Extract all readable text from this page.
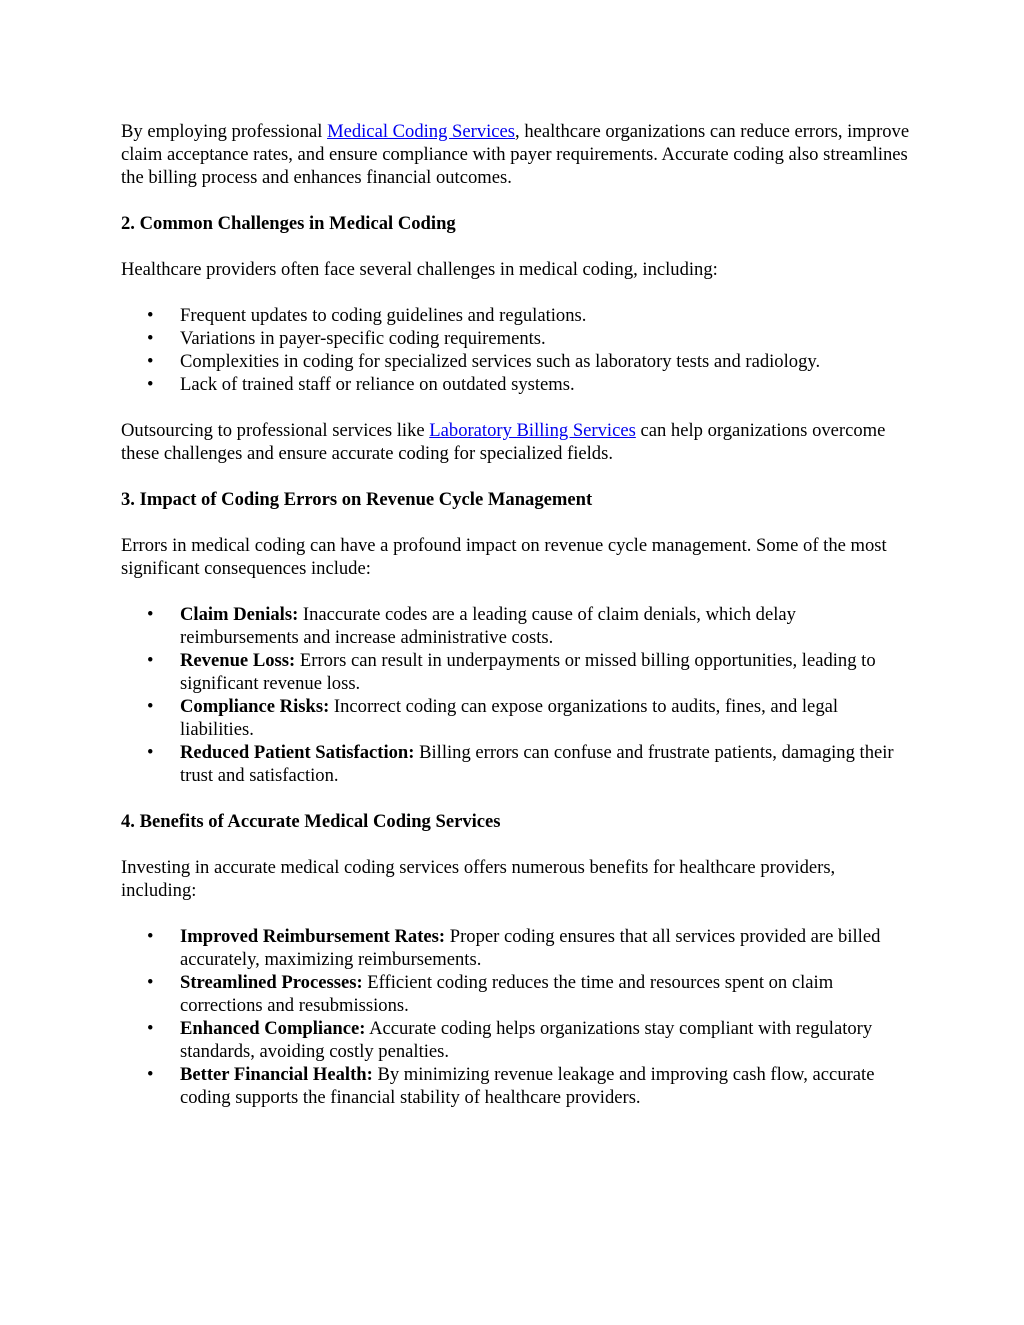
By employing professional Medical Coding Services, healthcare organizations can reduce errors, improve claim acceptance rates, and ensure compliance with payer requirements. Accurate coding also streamlines the billing process and enhances financial outcomes.

2. Common Challenges in Medical Coding

Healthcare providers often face several challenges in medical coding, including:

• Frequent updates to coding guidelines and regulations.
• Variations in payer-specific coding requirements.
• Complexities in coding for specialized services such as laboratory tests and radiology.
• Lack of trained staff or reliance on outdated systems.

Outsourcing to professional services like Laboratory Billing Services can help organizations overcome these challenges and ensure accurate coding for specialized fields.

3. Impact of Coding Errors on Revenue Cycle Management

Errors in medical coding can have a profound impact on revenue cycle management. Some of the most significant consequences include:

• Claim Denials: Inaccurate codes are a leading cause of claim denials, which delay reimbursements and increase administrative costs.
• Revenue Loss: Errors can result in underpayments or missed billing opportunities, leading to significant revenue loss.
• Compliance Risks: Incorrect coding can expose organizations to audits, fines, and legal liabilities.
• Reduced Patient Satisfaction: Billing errors can confuse and frustrate patients, damaging their trust and satisfaction.
4. Benefits of Accurate Medical Coding Services

Investing in accurate medical coding services offers numerous benefits for healthcare providers, including:

• Improved Reimbursement Rates: Proper coding ensures that all services provided are billed accurately, maximizing reimbursements.
• Streamlined Processes: Efficient coding reduces the time and resources spent on claim corrections and resubmissions.
• Enhanced Compliance: Accurate coding helps organizations stay compliant with regulatory standards, avoiding costly penalties.
• Better Financial Health: By minimizing revenue leakage and improving cash flow, accurate coding supports the financial stability of healthcare providers.
